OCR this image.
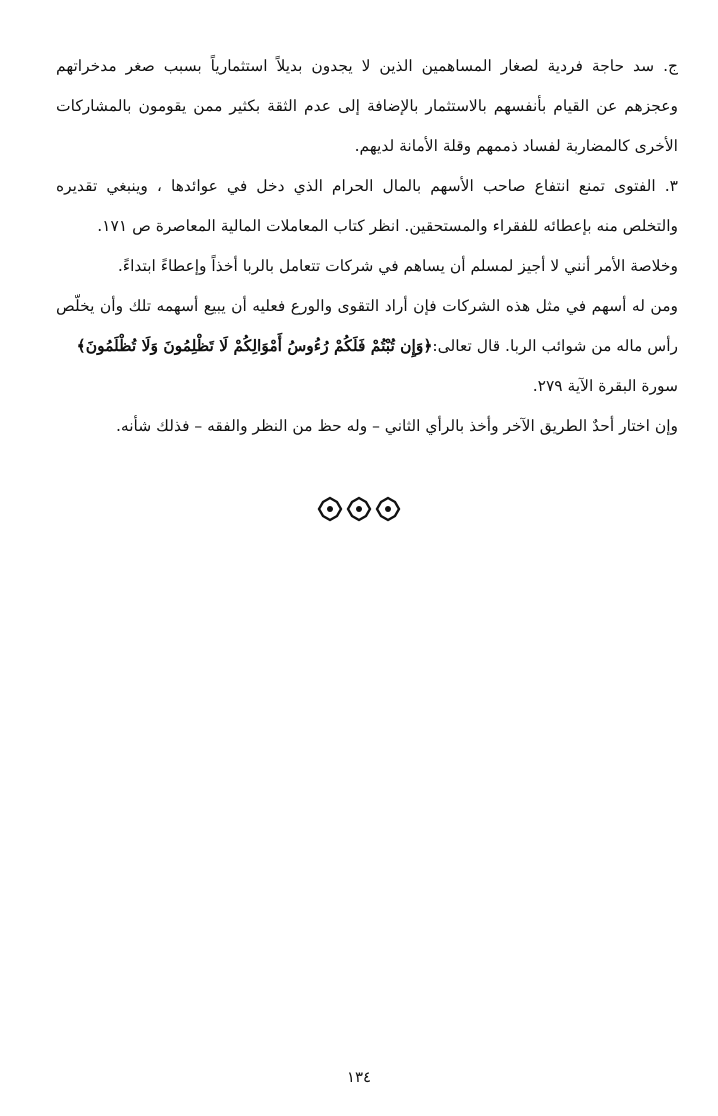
ج. سد حاجة فردية لصغار المساهمين الذين لا يجدون بديلاً استثمارياً بسبب صغر مدخراتهم
وعجزهم عن القيام بأنفسهم بالاستثمار بالإضافة إلى عدم الثقة بكثير ممن يقومون بالمشاركات
الأخرى كالمضاربة لفساد ذممهم وقلة الأمانة لديهم.
٣. الفتوى تمنع انتفاع صاحب الأسهم بالمال الحرام الذي دخل في عوائدها ، وينبغي تقديره
والتخلص منه بإعطائه للفقراء والمستحقين. انظر كتاب المعاملات المالية المعاصرة ص ١٧١.
وخلاصة الأمر أنني لا أجيز لمسلم أن يساهم في شركات تتعامل بالربا أخذاً وإعطاءً ابتداءً.
ومن له أسهم في مثل هذه الشركات فإن أراد التقوى والورع فعليه أن يبيع أسهمه تلك وأن يخلّص
رأس ماله من شوائب الربا. قال تعالى:﴿وَإِن تُبْتُمْ فَلَكُمْ رُءُوسُ أَمْوَالِكُمْ لَا تَظْلِمُونَ وَلَا تُظْلَمُونَ﴾
سورة البقرة الآية ٢٧٩.
وإن اختار أحدٌ الطريق الآخر وأخذ بالرأي الثاني – وله حظ من النظر والفقه – فذلك شأنه.
١٣٤
